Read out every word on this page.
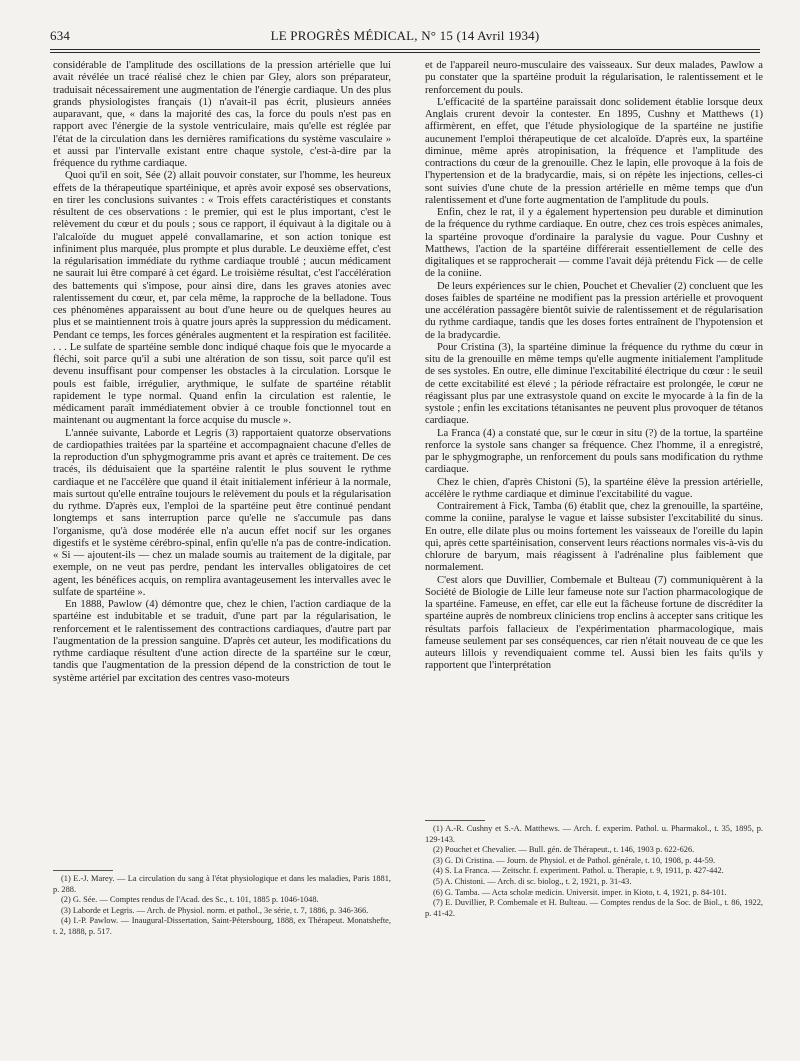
634	LE PROGRÈS MÉDICAL, N° 15 (14 Avril 1934)

considérable de l'amplitude des oscillations de la pression artérielle que lui avait révélée un tracé réalisé chez le chien par Gley, alors son préparateur, traduisait nécessairement une augmentation de l'énergie cardiaque. Un des plus grands physiologistes français (1) n'avait-il pas écrit, plusieurs années auparavant, que, « dans la majorité des cas, la force du pouls n'est pas en rapport avec l'énergie de la systole ventriculaire, mais qu'elle est réglée par l'état de la circulation dans les dernières ramifications du système vasculaire » et aussi par l'intervalle existant entre chaque systole, c'est-à-dire par la fréquence du rythme cardiaque.

Quoi qu'il en soit, Sée (2) allait pouvoir constater, sur l'homme, les heureux effets de la thérapeutique spartéinique, et après avoir exposé ses observations, en tirer les conclusions suivantes : « Trois effets caractéristiques et constants résultent de ces observations : le premier, qui est le plus important, c'est le relèvement du cœur et du pouls ; sous ce rapport, il équivaut à la digitale ou à l'alcaloïde du muguet appelé convallamarine, et son action tonique est infiniment plus marquée, plus prompte et plus durable. Le deuxième effet, c'est la régularisation immédiate du rythme cardiaque troublé ; aucun médicament ne saurait lui être comparé à cet égard. Le troisième résultat, c'est l'accélération des battements qui s'impose, pour ainsi dire, dans les graves atonies avec ralentissement du cœur, et, par cela même, la rapproche de la belladone. Tous ces phénomènes apparaissent au bout d'une heure ou de quelques heures au plus et se maintiennent trois à quatre jours après la suppression du médicament. Pendant ce temps, les forces générales augmentent et la respiration est facilitée. . . . Le sulfate de spartéine semble donc indiqué chaque fois que le myocarde a fléchi, soit parce qu'il a subi une altération de son tissu, soit parce qu'il est devenu insuffisant pour compenser les obstacles à la circulation. Lorsque le pouls est faible, irrégulier, arythmique, le sulfate de spartéine rétablit rapidement le type normal. Quand enfin la circulation est ralentie, le médicament paraît immédiatement obvier à ce trouble fonctionnel tout en maintenant ou augmentant la force acquise du muscle ».

L'année suivante, Laborde et Legris (3) rapportaient quatorze observations de cardiopathies traitées par la spartéine et accompagnaient chacune d'elles de la reproduction d'un sphygmogramme pris avant et après ce traitement. De ces tracés, ils déduisaient que la spartéine ralentit le plus souvent le rythme cardiaque et ne l'accélère que quand il était initialement inférieur à la normale, mais surtout qu'elle entraîne toujours le relèvement du pouls et la régularisation du rythme. D'après eux, l'emploi de la spartéine peut être continué pendant longtemps et sans interruption parce qu'elle ne s'accumule pas dans l'organisme, qu'à dose modérée elle n'a aucun effet nocif sur les organes digestifs et le système cérébro-spinal, enfin qu'elle n'a pas de contre-indication. « Si — ajoutent-ils — chez un malade soumis au traitement de la digitale, par exemple, on ne veut pas perdre, pendant les intervalles obligatoires de cet agent, les bénéfices acquis, on remplira avantageusement les intervalles avec le sulfate de spartéine ».

En 1888, Pawlow (4) démontre que, chez le chien, l'action cardiaque de la spartéine est indubitable et se traduit, d'une part par la régularisation, le renforcement et le ralentissement des contractions cardiaques, d'autre part par l'augmentation de la pression sanguine. D'après cet auteur, les modifications du rythme cardiaque résultent d'une action directe de la spartéine sur le cœur, tandis que l'augmentation de la pression dépend de la constriction de tout le système artériel par excitation des centres vaso-moteurs

et de l'appareil neuro-musculaire des vaisseaux. Sur deux malades, Pawlow a pu constater que la spartéine produit la régularisation, le ralentissement et le renforcement du pouls.

L'efficacité de la spartéine paraissait donc solidement établie lorsque deux Anglais crurent devoir la contester. En 1895, Cushny et Matthews (1) affirmèrent, en effet, que l'étude physiologique de la spartéine ne justifie aucunement l'emploi thérapeutique de cet alcaloïde. D'après eux, la spartéine diminue, même après atropinisation, la fréquence et l'amplitude des contractions du cœur de la grenouille. Chez le lapin, elle provoque à la fois de l'hypertension et de la bradycardie, mais, si on répète les injections, celles-ci sont suivies d'une chute de la pression artérielle en même temps que d'un ralentissement et d'une forte augmentation de l'amplitude du pouls.

Enfin, chez le rat, il y a également hypertension peu durable et diminution de la fréquence du rythme cardiaque. En outre, chez ces trois espèces animales, la spartéine provoque d'ordinaire la paralysie du vague. Pour Cushny et Matthews, l'action de la spartéine différerait essentiellement de celle des digitaliques et se rapprocherait — comme l'avait déjà prétendu Fick — de celle de la coniine.

De leurs expériences sur le chien, Pouchet et Chevalier (2) concluent que les doses faibles de spartéine ne modifient pas la pression artérielle et provoquent une accélération passagère bientôt suivie de ralentissement et de régularisation du rythme cardiaque, tandis que les doses fortes entraînent de l'hypotension et de la bradycardie.

Pour Cristina (3), la spartéine diminue la fréquence du rythme du cœur in situ de la grenouille en même temps qu'elle augmente initialement l'amplitude de ses systoles. En outre, elle diminue l'excitabilité électrique du cœur : le seuil de cette excitabilité est élevé ; la période réfractaire est prolongée, le cœur ne réagissant plus par une extrasystole quand on excite le myocarde à la fin de la systole ; enfin les excitations tétanisantes ne peuvent plus provoquer de tétanos cardiaque.

La Franca (4) a constaté que, sur le cœur in situ (?) de la tortue, la spartéine renforce la systole sans changer sa fréquence. Chez l'homme, il a enregistré, par le sphygmographe, un renforcement du pouls sans modification du rythme cardiaque.

Chez le chien, d'après Chistoni (5), la spartéine élève la pression artérielle, accélère le rythme cardiaque et diminue l'excitabilité du vague.

Contrairement à Fick, Tamba (6) établit que, chez la grenouille, la spartéine, comme la coniine, paralyse le vague et laisse subsister l'excitabilité du sinus. En outre, elle dilate plus ou moins fortement les vaisseaux de l'oreille du lapin qui, après cette spartéinisation, conservent leurs réactions normales vis-à-vis du chlorure de baryum, mais réagissent à l'adrénaline plus faiblement que normalement.

C'est alors que Duvillier, Combemale et Bulteau (7) communiquèrent à la Société de Biologie de Lille leur fameuse note sur l'action pharmacologique de la spartéine. Fameuse, en effet, car elle eut la fâcheuse fortune de discréditer la spartéine auprès de nombreux cliniciens trop enclins à accepter sans critique les résultats parfois fallacieux de l'expérimentation pharmacologique, mais fameuse seulement par ses conséquences, car rien n'était nouveau de ce que les auteurs lillois y revendiquaient comme tel. Aussi bien les faits qu'ils y rapportent que l'interprétation

(1) E.-J. Marey. — La circulation du sang à l'état physiologique et dans les maladies, Paris 1881, p. 288.
(2) G. Sée. — Comptes rendus de l'Acad. des Sc., t. 101, 1885 p. 1046-1048.
(3) Laborde et Legris. — Arch. de Physiol. norm. et pathol., 3e série, t. 7, 1886, p. 346-366.
(4) I.-P. Pawlow. — Inaugural-Dissertation, Saint-Pétersbourg, 1888, ex Thérapeut. Monatshefte, t. 2, 1888, p. 517.
(1) A.-R. Cushny et S.-A. Matthews. — Arch. f. experim. Pathol. u. Pharmakol., t. 35, 1895, p. 129-143.
(2) Pouchet et Chevalier. — Bull. gén. de Thérapeut., t. 146, 1903 p. 622-626.
(3) G. Di Cristina. — Journ. de Physiol. et de Pathol. générale, t. 10, 1908, p. 44-59.
(4) S. La Franca. — Zeitschr. f. experiment. Pathol. u. Therapie, t. 9, 1911, p. 427-442.
(5) A. Chistoni. — Arch. di sc. biolog., t. 2, 1921, p. 31-43.
(6) G. Tamba. — Acta scholæ medicin. Universit. imper. in Kioto, t. 4, 1921, p. 84-101.
(7) E. Duvillier, P. Combemale et H. Bulteau. — Comptes rendus de la Soc. de Biol., t. 86, 1922, p. 41-42.
